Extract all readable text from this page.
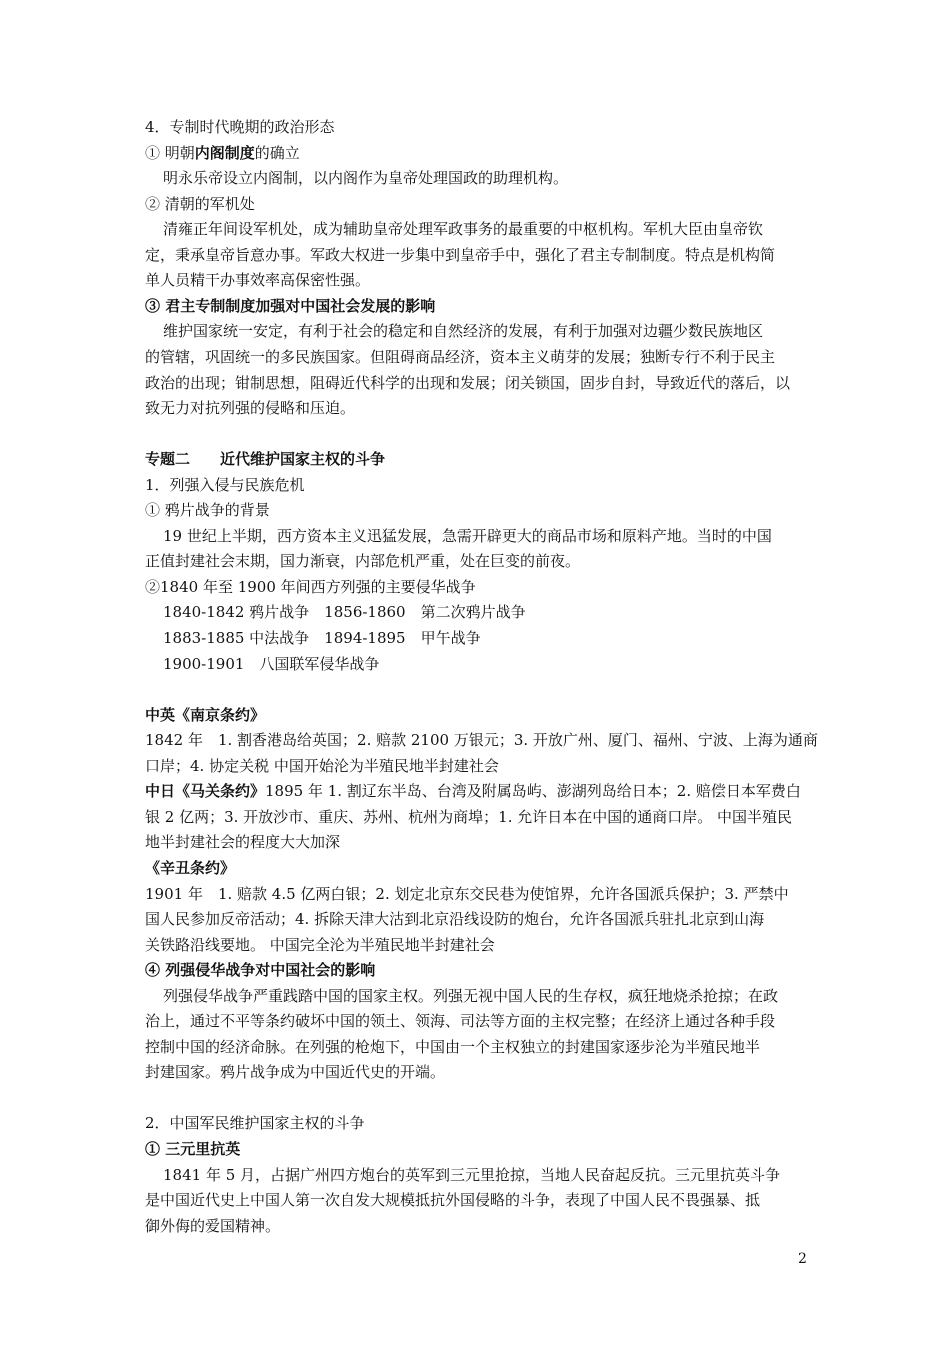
4．专制时代晚期的政治形态
① 明朝内阁制度的确立
明永乐帝设立内阁制，以内阁作为皇帝处理国政的助理机构。
② 清朝的军机处
清雍正年间设军机处，成为辅助皇帝处理军政事务的最重要的中枢机构。军机大臣由皇帝钦
定，秉承皇帝旨意办事。军政大权进一步集中到皇帝手中，强化了君主专制制度。特点是机构简
单人员精干办事效率高保密性强。
③ 君主专制制度加强对中国社会发展的影响
维护国家统一安定，有利于社会的稳定和自然经济的发展，有利于加强对边疆少数民族地区
的管辖，巩固统一的多民族国家。但阻碍商品经济，资本主义萌芽的发展；独断专行不利于民主
政治的出现；钳制思想，阻碍近代科学的出现和发展；闭关锁国，固步自封，导致近代的落后，以
致无力对抗列强的侵略和压迫。
专题二　　近代维护国家主权的斗争
1．列强入侵与民族危机
① 鸦片战争的背景
19 世纪上半期，西方资本主义迅猛发展，急需开辟更大的商品市场和原料产地。当时的中国
正值封建社会末期，国力渐衰，内部危机严重，处在巨变的前夜。
②1840 年至 1900 年间西方列强的主要侵华战争
1840-1842 鸦片战争　1856-1860　第二次鸦片战争
1883-1885 中法战争　1894-1895　甲午战争
1900-1901　八国联军侵华战争
中英《南京条约》
1842 年　1. 割香港岛给英国；2. 赔款 2100 万银元；3. 开放广州、厦门、福州、宁波、上海为通商
口岸；4. 协定关税 中国开始沦为半殖民地半封建社会
中日《马关条约》1895 年 1. 割辽东半岛、台湾及附属岛屿、澎湖列岛给日本；2. 赔偿日本军费白
银 2 亿两；3. 开放沙市、重庆、苏州、杭州为商埠；1. 允许日本在中国的通商口岸。 中国半殖民
地半封建社会的程度大大加深
《辛丑条约》
1901 年　1. 赔款 4.5 亿两白银；2. 划定北京东交民巷为使馆界，允许各国派兵保护；3. 严禁中
国人民参加反帝活动；4. 拆除天津大沽到北京沿线设防的炮台，允许各国派兵驻扎北京到山海
关铁路沿线要地。 中国完全沦为半殖民地半封建社会
④ 列强侵华战争对中国社会的影响
列强侵华战争严重践踏中国的国家主权。列强无视中国人民的生存权，疯狂地烧杀抢掠；在政
治上，通过不平等条约破坏中国的领土、领海、司法等方面的主权完整；在经济上通过各种手段
控制中国的经济命脉。在列强的枪炮下，中国由一个主权独立的封建国家逐步沦为半殖民地半
封建国家。鸦片战争成为中国近代史的开端。
2．中国军民维护国家主权的斗争
① 三元里抗英
1841 年 5 月，占据广州四方炮台的英军到三元里抢掠，当地人民奋起反抗。三元里抗英斗争
是中国近代史上中国人第一次自发大规模抵抗外国侵略的斗争，表现了中国人民不畏强暴、抵
御外侮的爱国精神。
2
